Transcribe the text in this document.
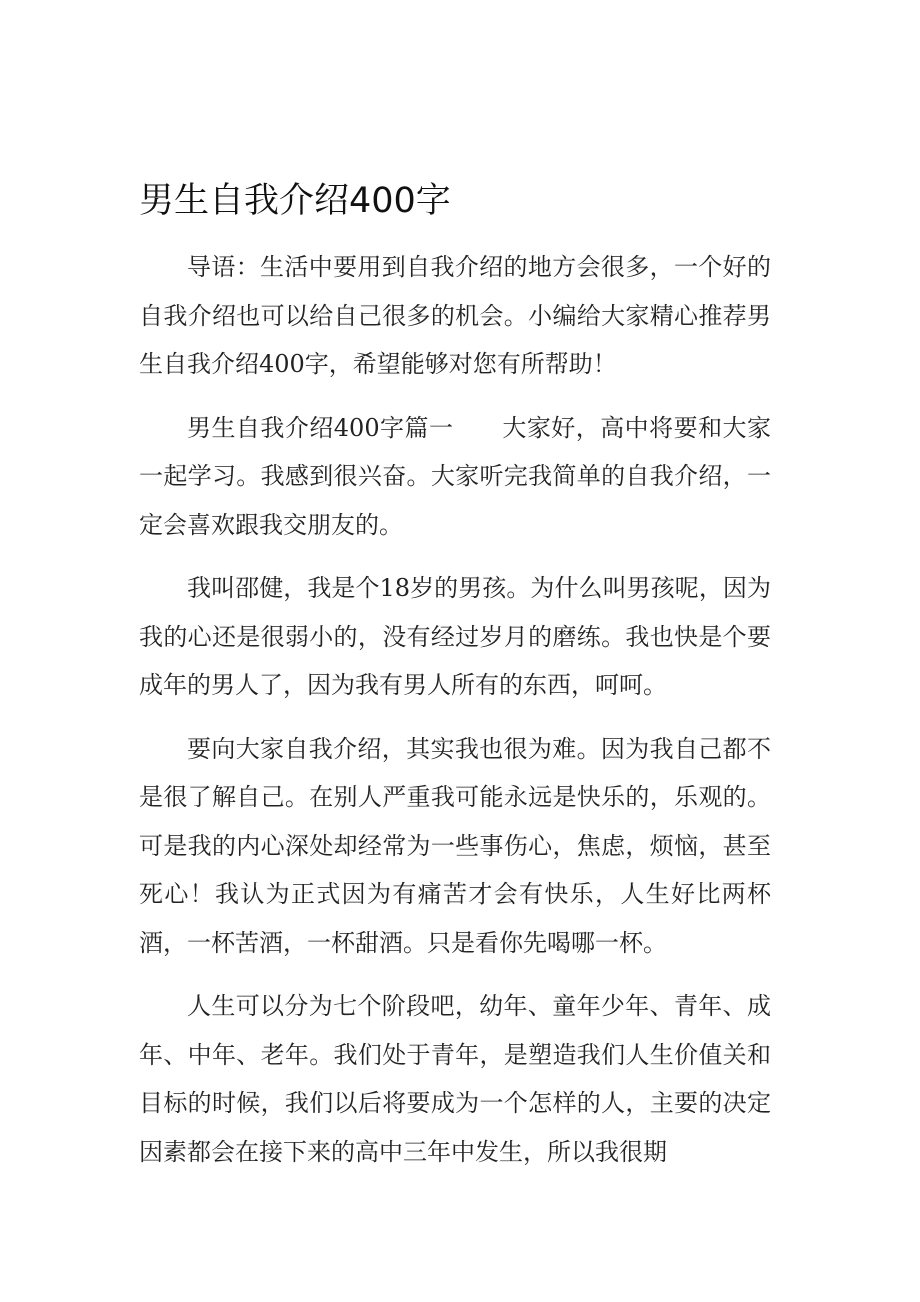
男生自我介绍400字

导语：生活中要用到自我介绍的地方会很多，一个好的自我介绍也可以给自己很多的机会。小编给大家精心推荐男生自我介绍400字，希望能够对您有所帮助！

男生自我介绍400字篇一　　大家好，高中将要和大家一起学习。我感到很兴奋。大家听完我简单的自我介绍，一定会喜欢跟我交朋友的。

我叫邵健，我是个18岁的男孩。为什么叫男孩呢，因为我的心还是很弱小的，没有经过岁月的磨练。我也快是个要成年的男人了，因为我有男人所有的东西，呵呵。

要向大家自我介绍，其实我也很为难。因为我自己都不是很了解自己。在别人严重我可能永远是快乐的，乐观的。可是我的内心深处却经常为一些事伤心，焦虑，烦恼，甚至死心！我认为正式因为有痛苦才会有快乐，人生好比两杯酒，一杯苦酒，一杯甜酒。只是看你先喝哪一杯。

人生可以分为七个阶段吧，幼年、童年少年、青年、成年、中年、老年。我们处于青年，是塑造我们人生价值关和目标的时候，我们以后将要成为一个怎样的人，主要的决定因素都会在接下来的高中三年中发生，所以我很期
